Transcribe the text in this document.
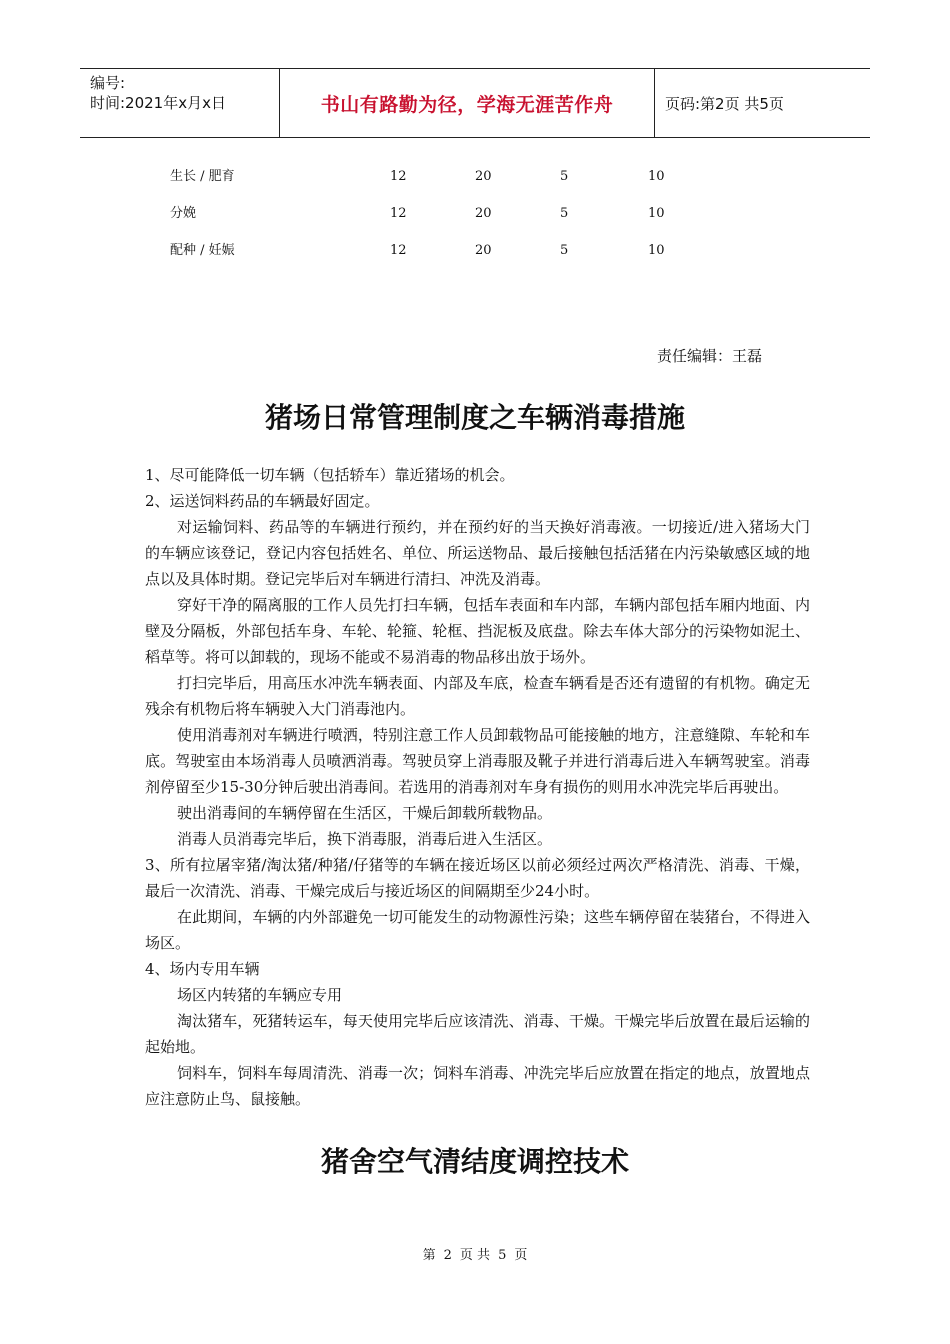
编号:
时间:2021年x月x日	书山有路勤为径，学海无涯苦作舟	页码:第2页 共5页
生长 / 肥育	12	20	5	10
分娩	12	20	5	10
配种 / 妊娠	12	20	5	10
责任编辑：王磊
猪场日常管理制度之车辆消毒措施

1、尽可能降低一切车辆（包括轿车）靠近猪场的机会。

2、运送饲料药品的车辆最好固定。

对运输饲料、药品等的车辆进行预约，并在预约好的当天换好消毒液。一切接近/进入猪场大门的车辆应该登记，登记内容包括姓名、单位、所运送物品、最后接触包括活猪在内污染敏感区域的地点以及具体时期。登记完毕后对车辆进行清扫、冲洗及消毒。

穿好干净的隔离服的工作人员先打扫车辆，包括车表面和车内部，车辆内部包括车厢内地面、内壁及分隔板，外部包括车身、车轮、轮箍、轮框、挡泥板及底盘。除去车体大部分的污染物如泥土、稻草等。将可以卸载的，现场不能或不易消毒的物品移出放于场外。

打扫完毕后，用高压水冲洗车辆表面、内部及车底，检查车辆看是否还有遗留的有机物。确定无残余有机物后将车辆驶入大门消毒池内。

使用消毒剂对车辆进行喷洒，特别注意工作人员卸载物品可能接触的地方，注意缝隙、车轮和车底。驾驶室由本场消毒人员喷洒消毒。驾驶员穿上消毒服及靴子并进行消毒后进入车辆驾驶室。消毒剂停留至少15-30分钟后驶出消毒间。若选用的消毒剂对车身有损伤的则用水冲洗完毕后再驶出。

驶出消毒间的车辆停留在生活区，干燥后卸载所载物品。

消毒人员消毒完毕后，换下消毒服，消毒后进入生活区。

3、所有拉屠宰猪/淘汰猪/种猪/仔猪等的车辆在接近场区以前必须经过两次严格清洗、消毒、干燥，最后一次清洗、消毒、干燥完成后与接近场区的间隔期至少24小时。

在此期间，车辆的内外部避免一切可能发生的动物源性污染；这些车辆停留在装猪台，不得进入场区。

4、场内专用车辆

场区内转猪的车辆应专用

淘汰猪车，死猪转运车，每天使用完毕后应该清洗、消毒、干燥。干燥完毕后放置在最后运输的起始地。

饲料车，饲料车每周清洗、消毒一次；饲料车消毒、冲洗完毕后应放置在指定的地点，放置地点应注意防止鸟、鼠接触。

猪舍空气清结度调控技术
第 2 页 共 5 页
